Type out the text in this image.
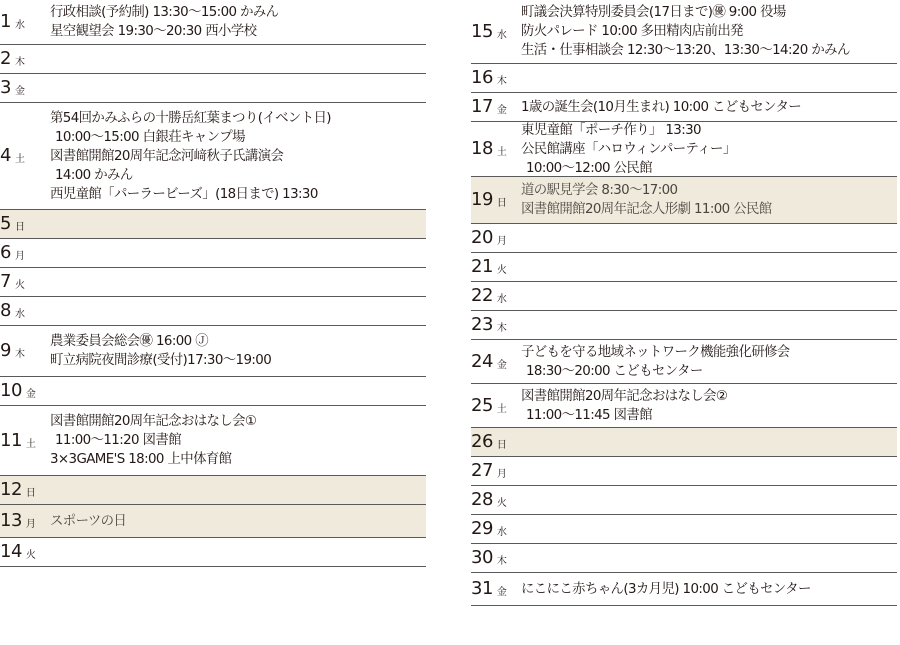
1 水
行政相談(予約制) 13:30～15:00 かみん
星空観望会 19:30～20:30 西小学校
2 木
3 金
4 土
第54回かみふらの十勝岳紅葉まつり(イベント日)
10:00～15:00 白銀荘キャンプ場
図書館開館20周年記念河﨑秋子氏講演会
14:00 かみん
西児童館「パーラービーズ」(18日まで) 13:30
5 日
6 月
7 火
8 水
9 木
農業委員会総会㊝ 16:00 Ⓙ
町立病院夜間診療(受付)17:30～19:00
10 金
11 土
図書館開館20周年記念おはなし会①
11:00～11:20 図書館
3×3GAME'S 18:00 上中体育館
12 日
13 月 スポーツの日
14 火
15 水
町議会決算特別委員会(17日まで)㊝ 9:00 役場
防火パレード 10:00 多田精肉店前出発
生活・仕事相談会 12:30～13:20、13:30～14:20 かみん
16 木
17 金 1歳の誕生会(10月生まれ) 10:00 こどもセンター
18 土
東児童館「ポーチ作り」 13:30
公民館講座「ハロウィンパーティー」
10:00～12:00 公民館
19 日
道の駅見学会 8:30～17:00
図書館開館20周年記念人形劇 11:00 公民館
20 月
21 火
22 水
23 木
24 金
子どもを守る地域ネットワーク機能強化研修会
18:30～20:00 こどもセンター
25 土
図書館開館20周年記念おはなし会②
11:00～11:45 図書館
26 日
27 月
28 火
29 水
30 木
31 金 にこにこ赤ちゃん(3カ月児) 10:00 こどもセンター
